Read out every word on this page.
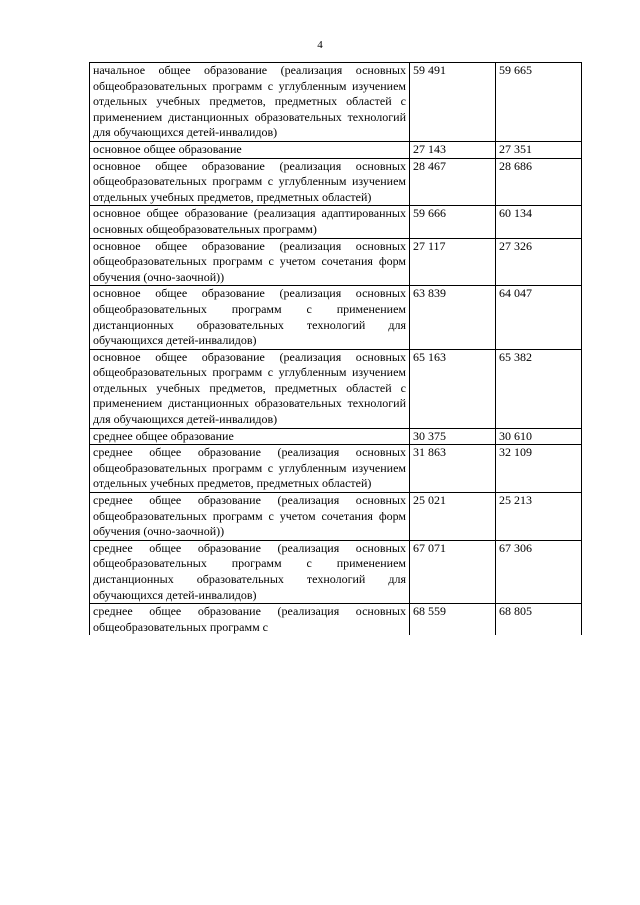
4
начальное общее образование (реализация основных общеобразовательных программ с углубленным изучением отдельных учебных предметов, предметных областей с применением дистанционных образовательных технологий для обучающихся детей-инвалидов)	59 491	59 665
основное общее образование	27 143	27 351
основное общее образование (реализация основных общеобразовательных программ с углубленным изучением отдельных учебных предметов, предметных областей)	28 467	28 686
основное общее образование (реализация адаптированных основных общеобразовательных программ)	59 666	60 134
основное общее образование (реализация основных общеобразовательных программ с учетом сочетания форм обучения (очно-заочной))	27 117	27 326
основное общее образование (реализация основных общеобразовательных программ с применением дистанционных образовательных технологий для обучающихся детей-инвалидов)	63 839	64 047
основное общее образование (реализация основных общеобразовательных программ с углубленным изучением отдельных учебных предметов, предметных областей с применением дистанционных образовательных технологий для обучающихся детей-инвалидов)	65 163	65 382
среднее общее образование	30 375	30 610
среднее общее образование (реализация основных общеобразовательных программ с углубленным изучением отдельных учебных предметов, предметных областей)	31 863	32 109
среднее общее образование (реализация основных общеобразовательных программ с учетом сочетания форм обучения (очно-заочной))	25 021	25 213
среднее общее образование (реализация основных общеобразовательных программ с применением дистанционных образовательных технологий для обучающихся детей-инвалидов)	67 071	67 306
среднее общее образование (реализация основных общеобразовательных программ с	68 559	68 805
